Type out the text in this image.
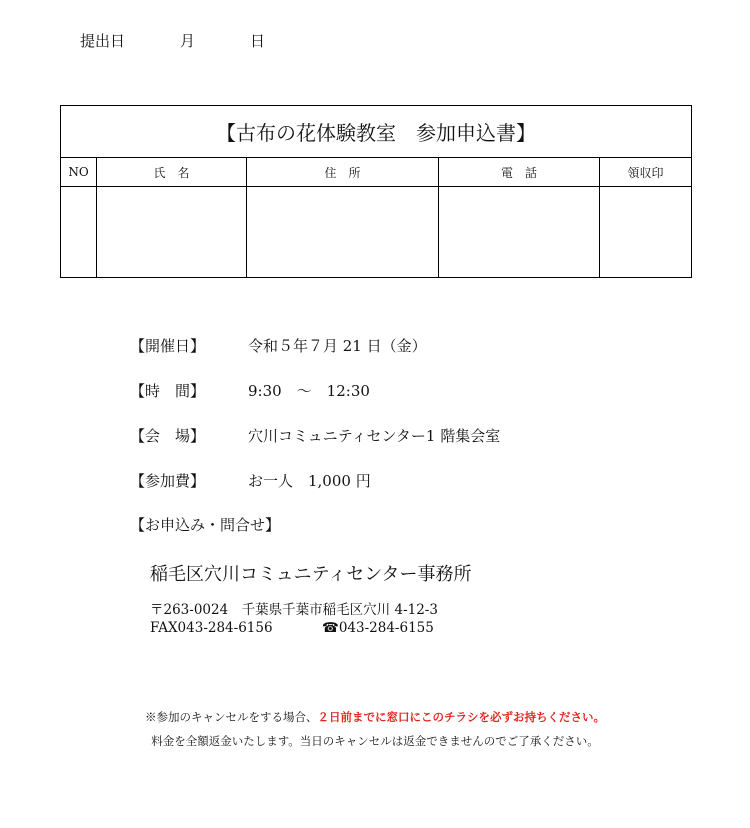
提出日	月	日
【古布の花体験教室　参加申込書】				
NO	氏　名	住　所	電　話	領収印

【開催日】	令和５年７月 21 日（金）
【時　間】	9:30　～　12:30
【会　場】	穴川コミュニティセンター1 階集会室
【参加費】	お一人　1,000 円
【お申込み・問合せ】
稲毛区穴川コミュニティセンター事務所
〒263-0024　千葉県千葉市稲毛区穴川 4-12-3
FAX043-284-6156	☎043-284-6155
※参加のキャンセルをする場合、２日前までに窓口にこのチラシを必ずお持ちください。
料金を全額返金いたします。当日のキャンセルは返金できませんのでご了承ください。
